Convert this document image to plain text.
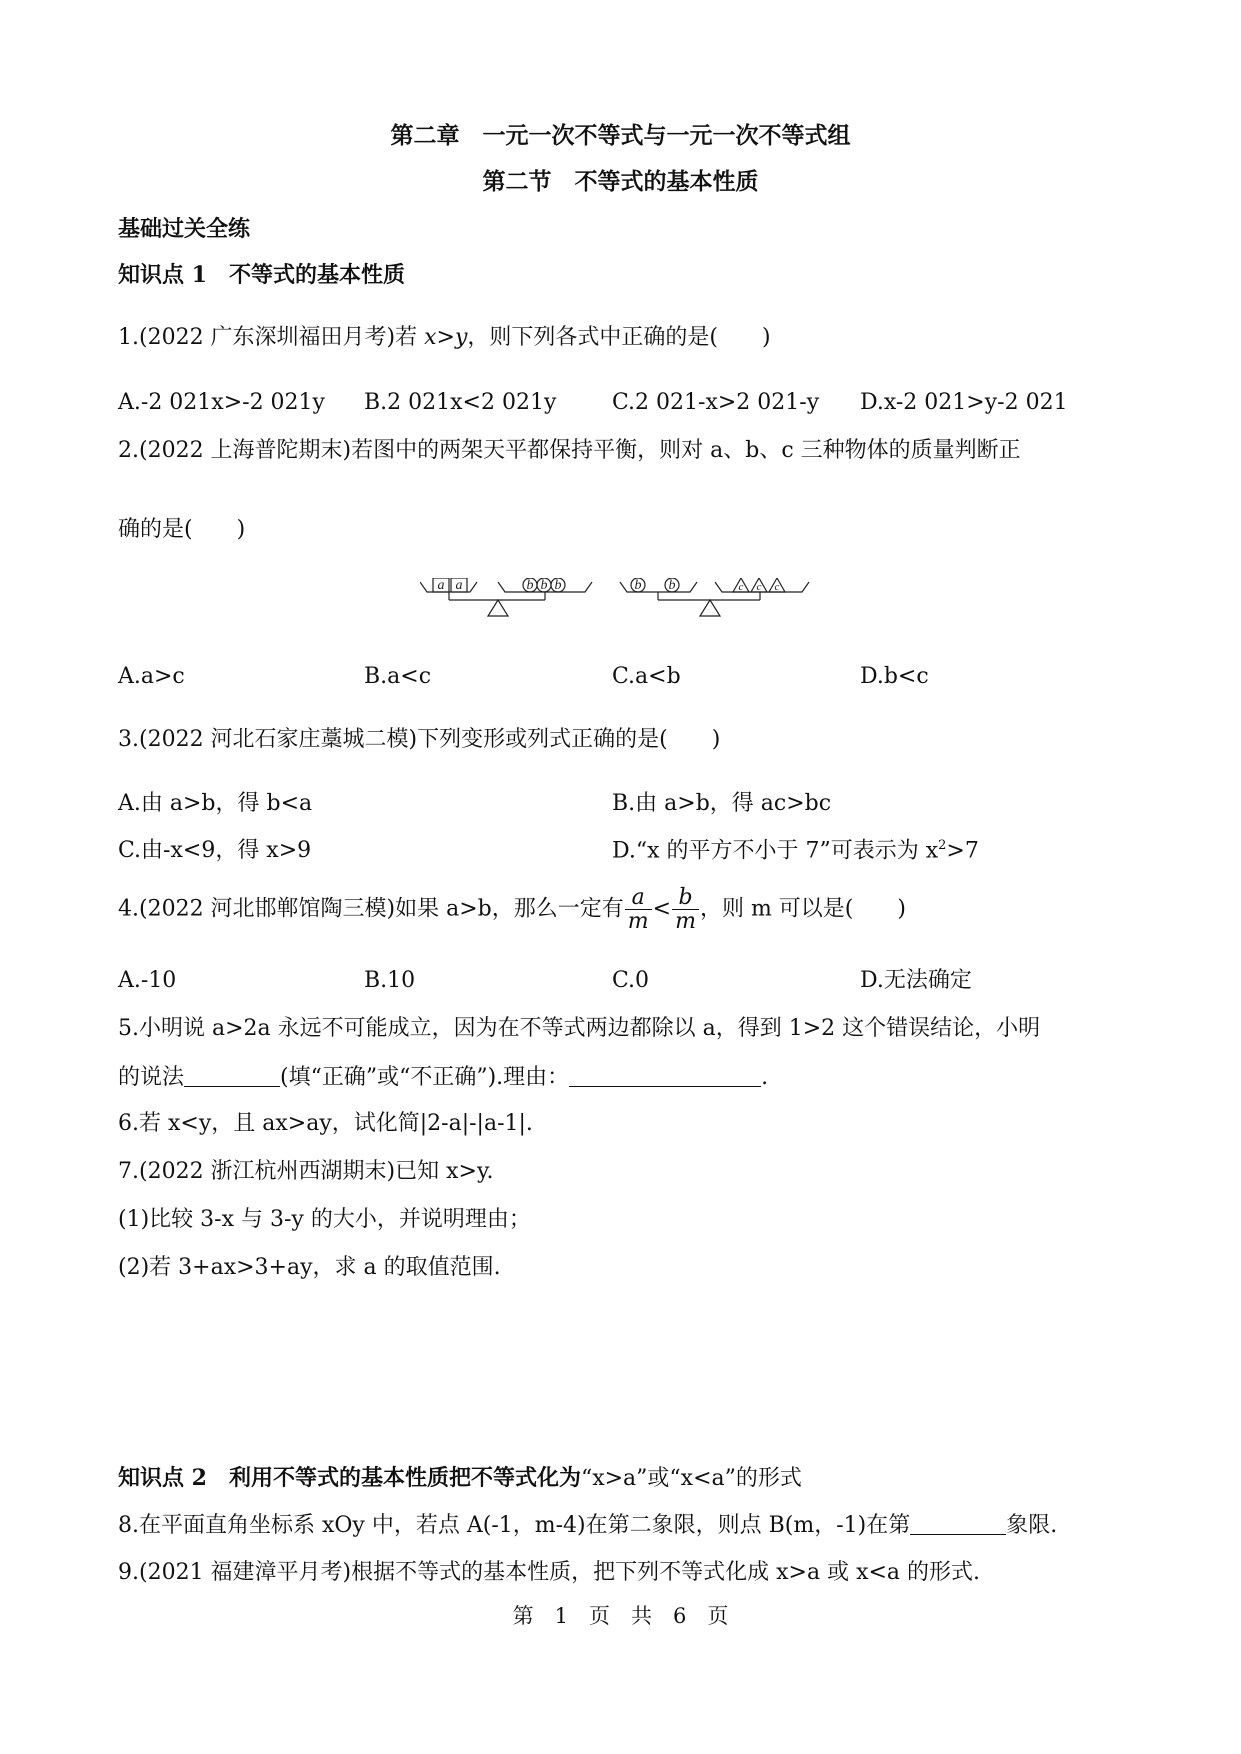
第二章　一元一次不等式与一元一次不等式组
第二节　不等式的基本性质
基础过关全练
知识点 1　不等式的基本性质
1.(2022 广东深圳福田月考)若 x>y，则下列各式中正确的是(　　)
A.-2 021x>-2 021y B.2 021x<2 021y	C.2 021-x>2 021-y D.x-2 021>y-2 021
2.(2022 上海普陀期末)若图中的两架天平都保持平衡，则对 a、b、c 三种物体的质量判断正
确的是(　　)
a a	b b b	b b	c c c
A.a>c	B.a<c	C.a<b	D.b<c
3.(2022 河北石家庄藁城二模)下列变形或列式正确的是(　　)
A.由 a>b，得 b<a	B.由 a>b，得 ac>bc
C.由-x<9，得 x>9	D.“x 的平方不小于 7”可表示为 $x^2>7$
4.(2022 河北邯郸馆陶三模)如果 a>b，那么一定有 $\frac{a}{m} < \frac{b}{m}$ ，则 m 可以是(　　)
A.-10	B.10	C.0	D.无法确定
5.小明说 a>2a 永远不可能成立，因为在不等式两边都除以 a，得到 1>2 这个错误结论，小明
的说法	(填“正确”或“不正确”).理由：	.
6.若 x<y，且 ax>ay，试化简|2-a|-|a-1|.
7.(2022 浙江杭州西湖期末)已知 x>y.
(1)比较 3-x 与 3-y 的大小，并说明理由；
(2)若 3+ax>3+ay，求 a 的取值范围.
知识点 2　利用不等式的基本性质把不等式化为“x>a”或“x<a”的形式
8.在平面直角坐标系 xOy 中，若点 A(-1，m-4)在第二象限，则点 B(m，-1)在第	象限.
9.(2021 福建漳平月考)根据不等式的基本性质，把下列不等式化成 x>a 或 x<a 的形式.
第　1　页　共　6　页
